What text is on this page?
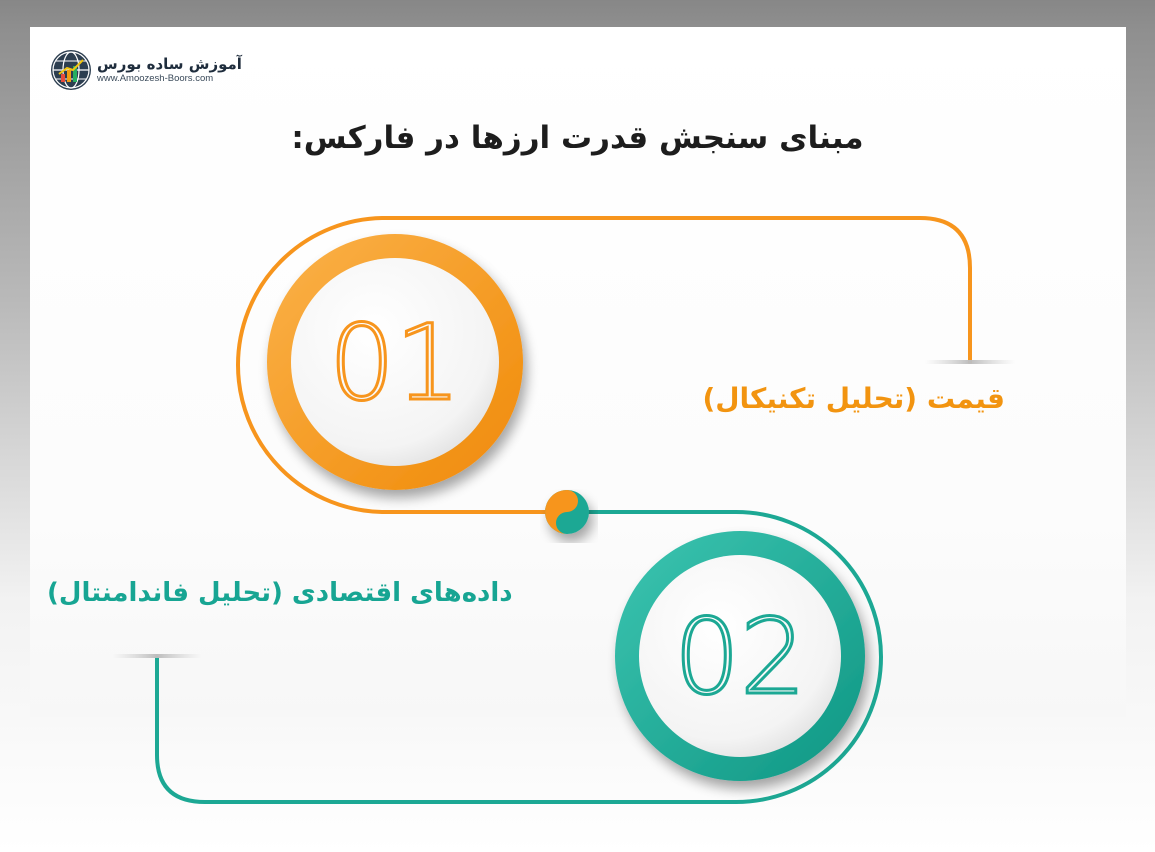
آموزش ساده بورس
www.Amoozesh-Boors.com
مبنای سنجش قدرت ارزها در فارکس:
01
02
قیمت (تحلیل تکنیکال)
داده‌های اقتصادی (تحلیل فاندامنتال)
